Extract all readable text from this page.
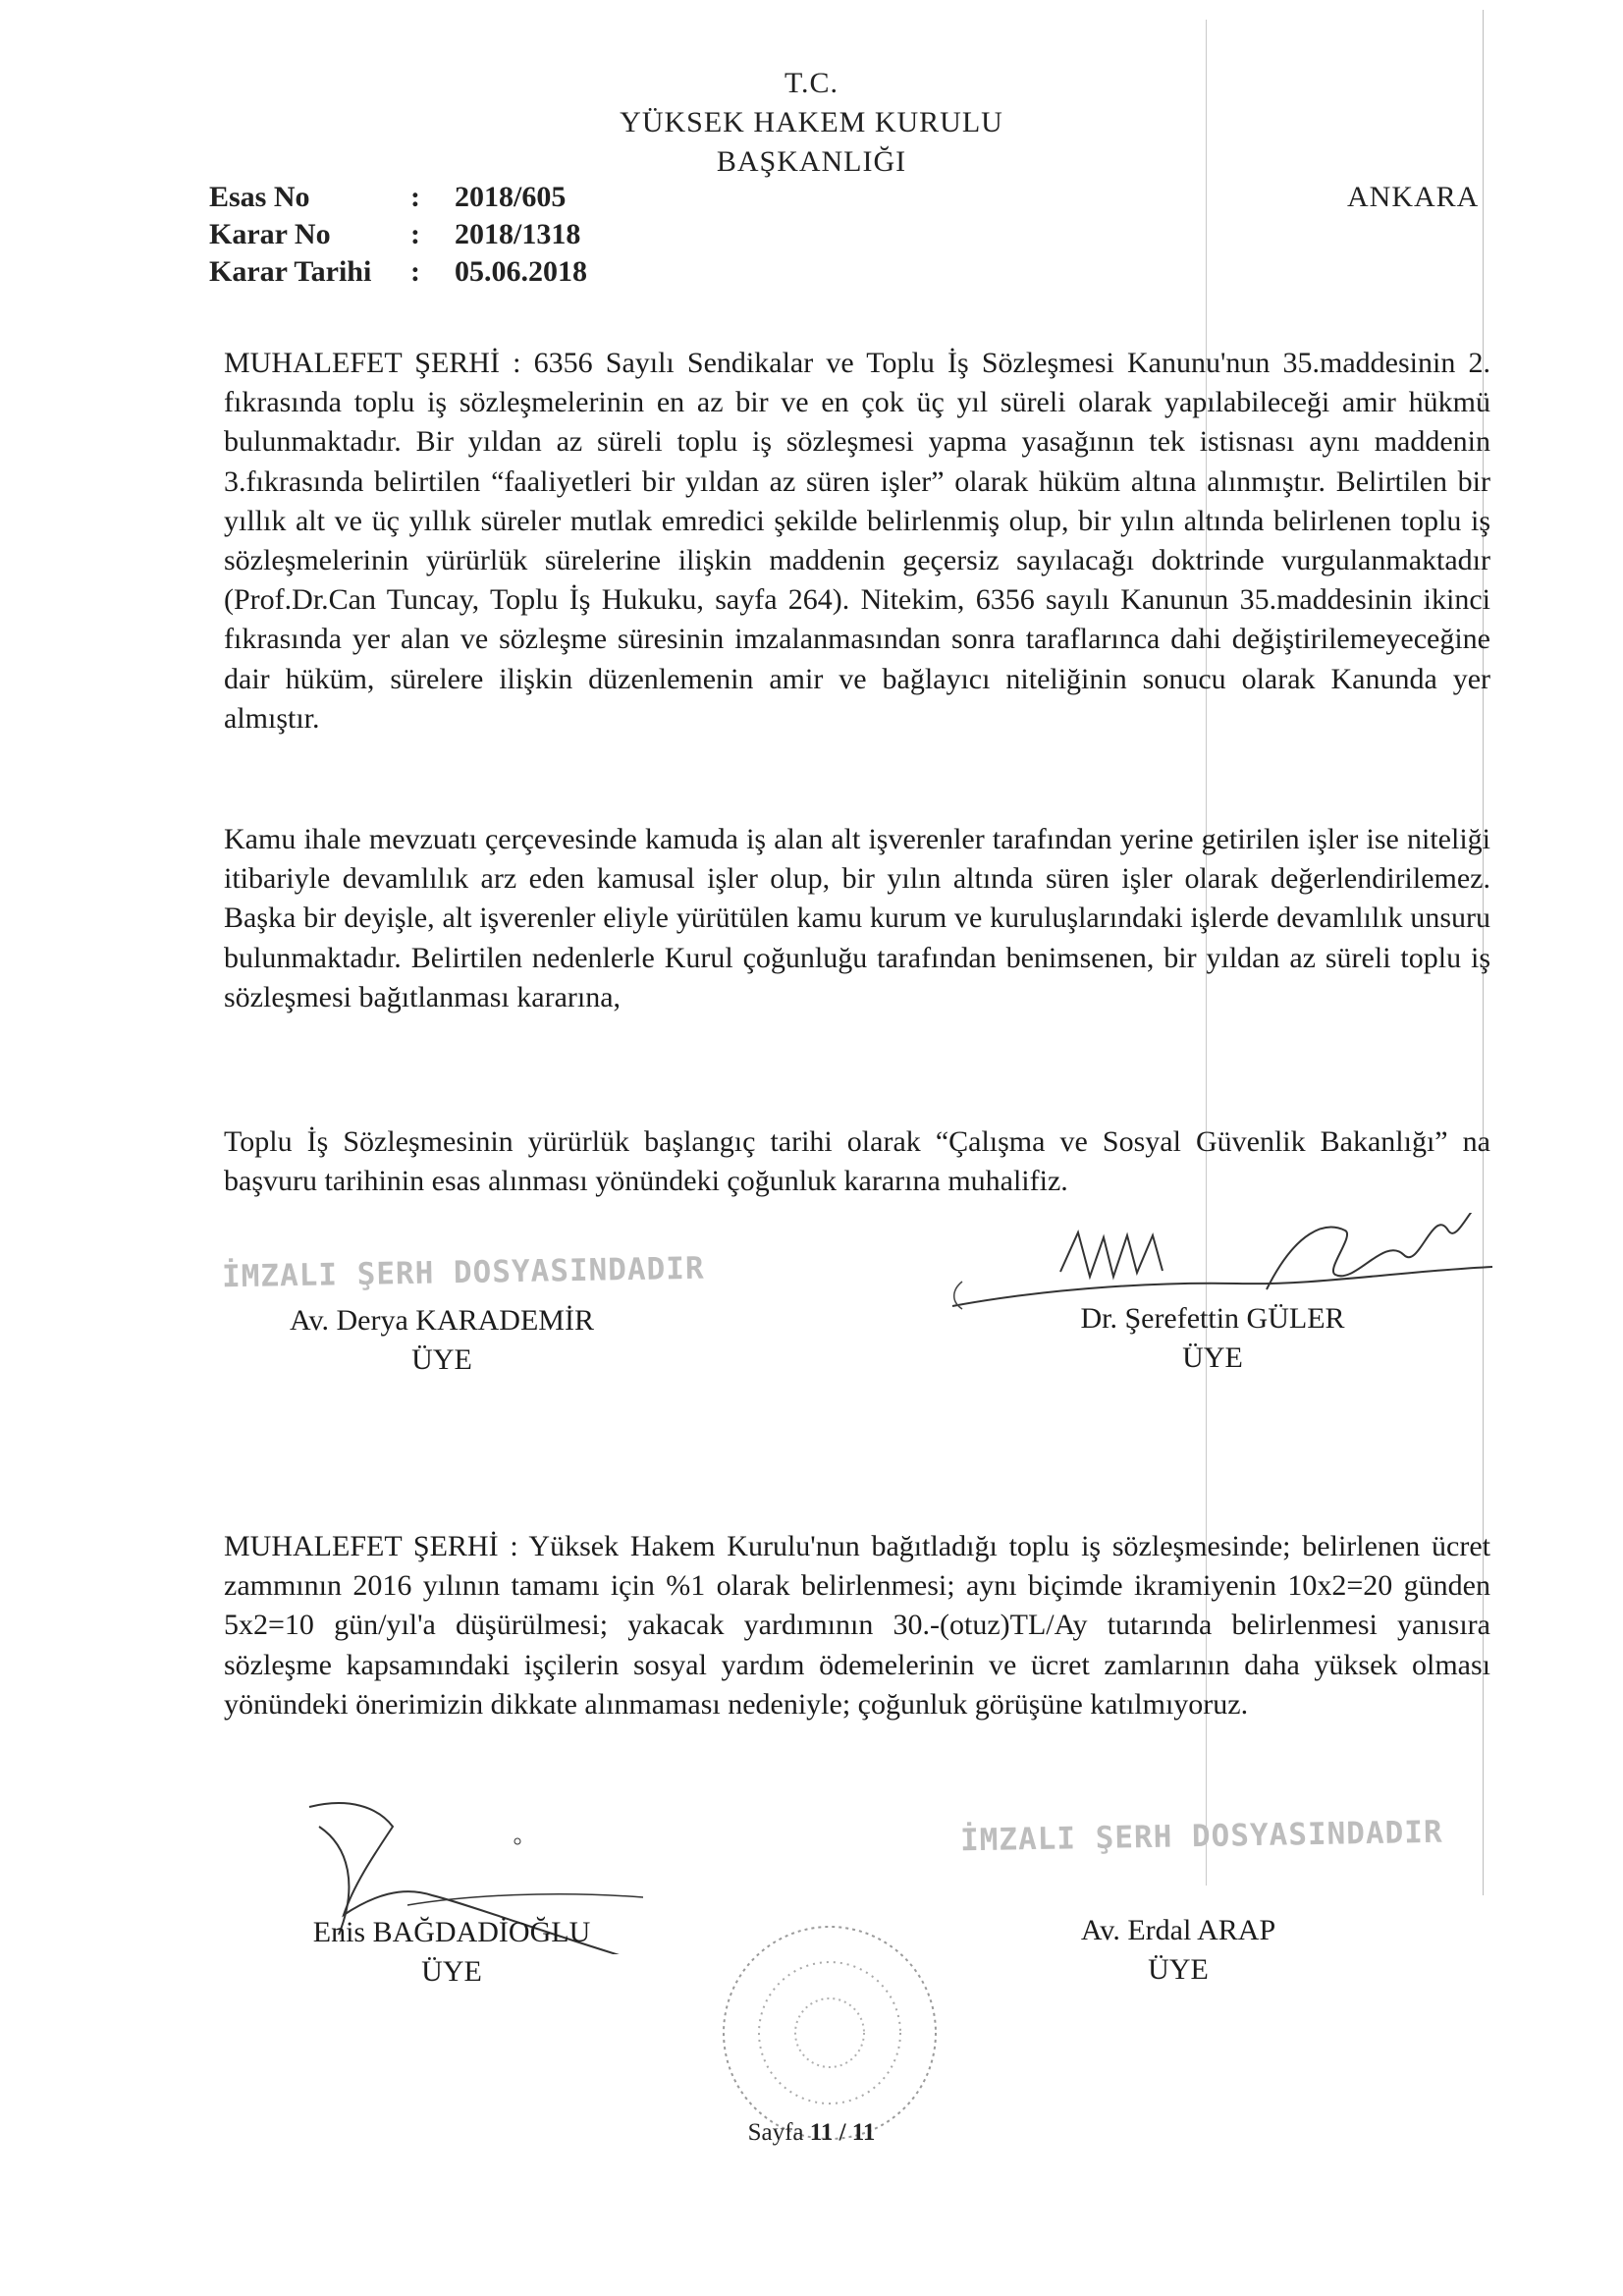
T.C.
YÜKSEK HAKEM KURULU
BAŞKANLIĞI
Esas No	: 2018/605
Karar No	: 2018/1318
Karar Tarihi : 05.06.2018
ANKARA
MUHALEFET ŞERHİ : 6356 Sayılı Sendikalar ve Toplu İş Sözleşmesi Kanunu'nun 35.maddesinin 2. fıkrasında toplu iş sözleşmelerinin en az bir ve en çok üç yıl süreli olarak yapılabileceği amir hükmü bulunmaktadır. Bir yıldan az süreli toplu iş sözleşmesi yapma yasağının tek istisnası aynı maddenin 3.fıkrasında belirtilen “faaliyetleri bir yıldan az süren işler” olarak hüküm altına alınmıştır. Belirtilen bir yıllık alt ve üç yıllık süreler mutlak emredici şekilde belirlenmiş olup, bir yılın altında belirlenen toplu iş sözleşmelerinin yürürlük sürelerine ilişkin maddenin geçersiz sayılacağı doktrinde vurgulanmaktadır (Prof.Dr.Can Tuncay, Toplu İş Hukuku, sayfa 264). Nitekim, 6356 sayılı Kanunun 35.maddesinin ikinci fıkrasında yer alan ve sözleşme süresinin imzalanmasından sonra taraflarınca dahi değiştirilemeyeceğine dair hüküm, sürelere ilişkin düzenlemenin amir ve bağlayıcı niteliğinin sonucu olarak Kanunda yer almıştır.
Kamu ihale mevzuatı çerçevesinde kamuda iş alan alt işverenler tarafından yerine getirilen işler ise niteliği itibariyle devamlılık arz eden kamusal işler olup, bir yılın altında süren işler olarak değerlendirilemez. Başka bir deyişle, alt işverenler eliyle yürütülen kamu kurum ve kuruluşlarındaki işlerde devamlılık unsuru bulunmaktadır. Belirtilen nedenlerle Kurul çoğunluğu tarafından benimsenen, bir yıldan az süreli toplu iş sözleşmesi bağıtlanması kararına,
Toplu İş Sözleşmesinin yürürlük başlangıç tarihi olarak “Çalışma ve Sosyal Güvenlik Bakanlığı” na başvuru tarihinin esas alınması yönündeki çoğunluk kararına muhalifiz.
İMZALI ŞERH DOSYASINDADIR
Av. Derya KARADEMİR
ÜYE
Dr. Şerefettin GÜLER
ÜYE
MUHALEFET ŞERHİ : Yüksek Hakem Kurulu'nun bağıtladığı toplu iş sözleşmesinde; belirlenen ücret zammının 2016 yılının tamamı için %1 olarak belirlenmesi; aynı biçimde ikramiyenin 10x2=20 günden 5x2=10 gün/yıl'a düşürülmesi; yakacak yardımının 30.-(otuz)TL/Ay tutarında belirlenmesi yanısıra sözleşme kapsamındaki işçilerin sosyal yardım ödemelerinin ve ücret zamlarının daha yüksek olması yönündeki önerimizin dikkate alınmaması nedeniyle; çoğunluk görüşüne katılmıyoruz.
İMZALI ŞERH DOSYASINDADIR
Enis BAĞDADİOĞLU
ÜYE
Av. Erdal ARAP
ÜYE
Sayfa 11 / 11
